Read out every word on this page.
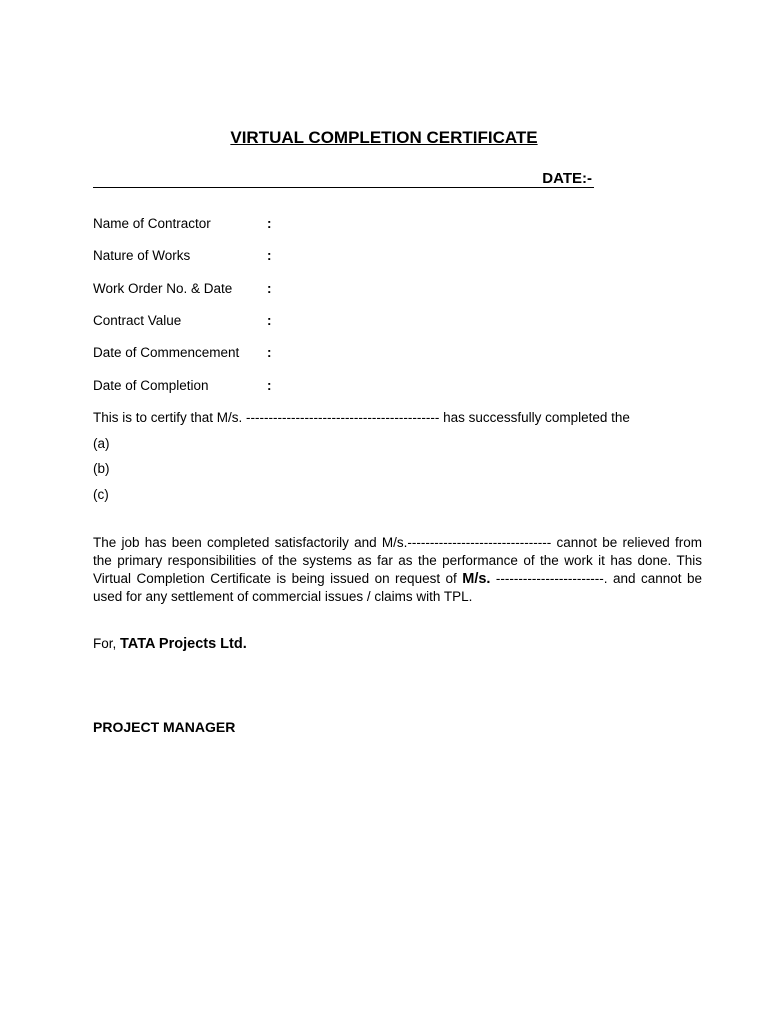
VIRTUAL COMPLETION CERTIFICATE
DATE:-
Name of Contractor	:
Nature of Works	:
Work Order No. & Date	:
Contract Value	:
Date of Commencement :
Date of Completion	:
This is to certify that M/s. ------------------------------------------- has successfully completed the
(a)
(b)
(c)
The job has been completed satisfactorily and M/s.-------------------------------- cannot be relieved from the primary responsibilities of the systems as far as the performance of the work it has done. This Virtual Completion Certificate is being issued on request of M/s. ------------------------. and cannot be used for any settlement of commercial issues / claims with TPL.
For, TATA Projects Ltd.
PROJECT MANAGER
